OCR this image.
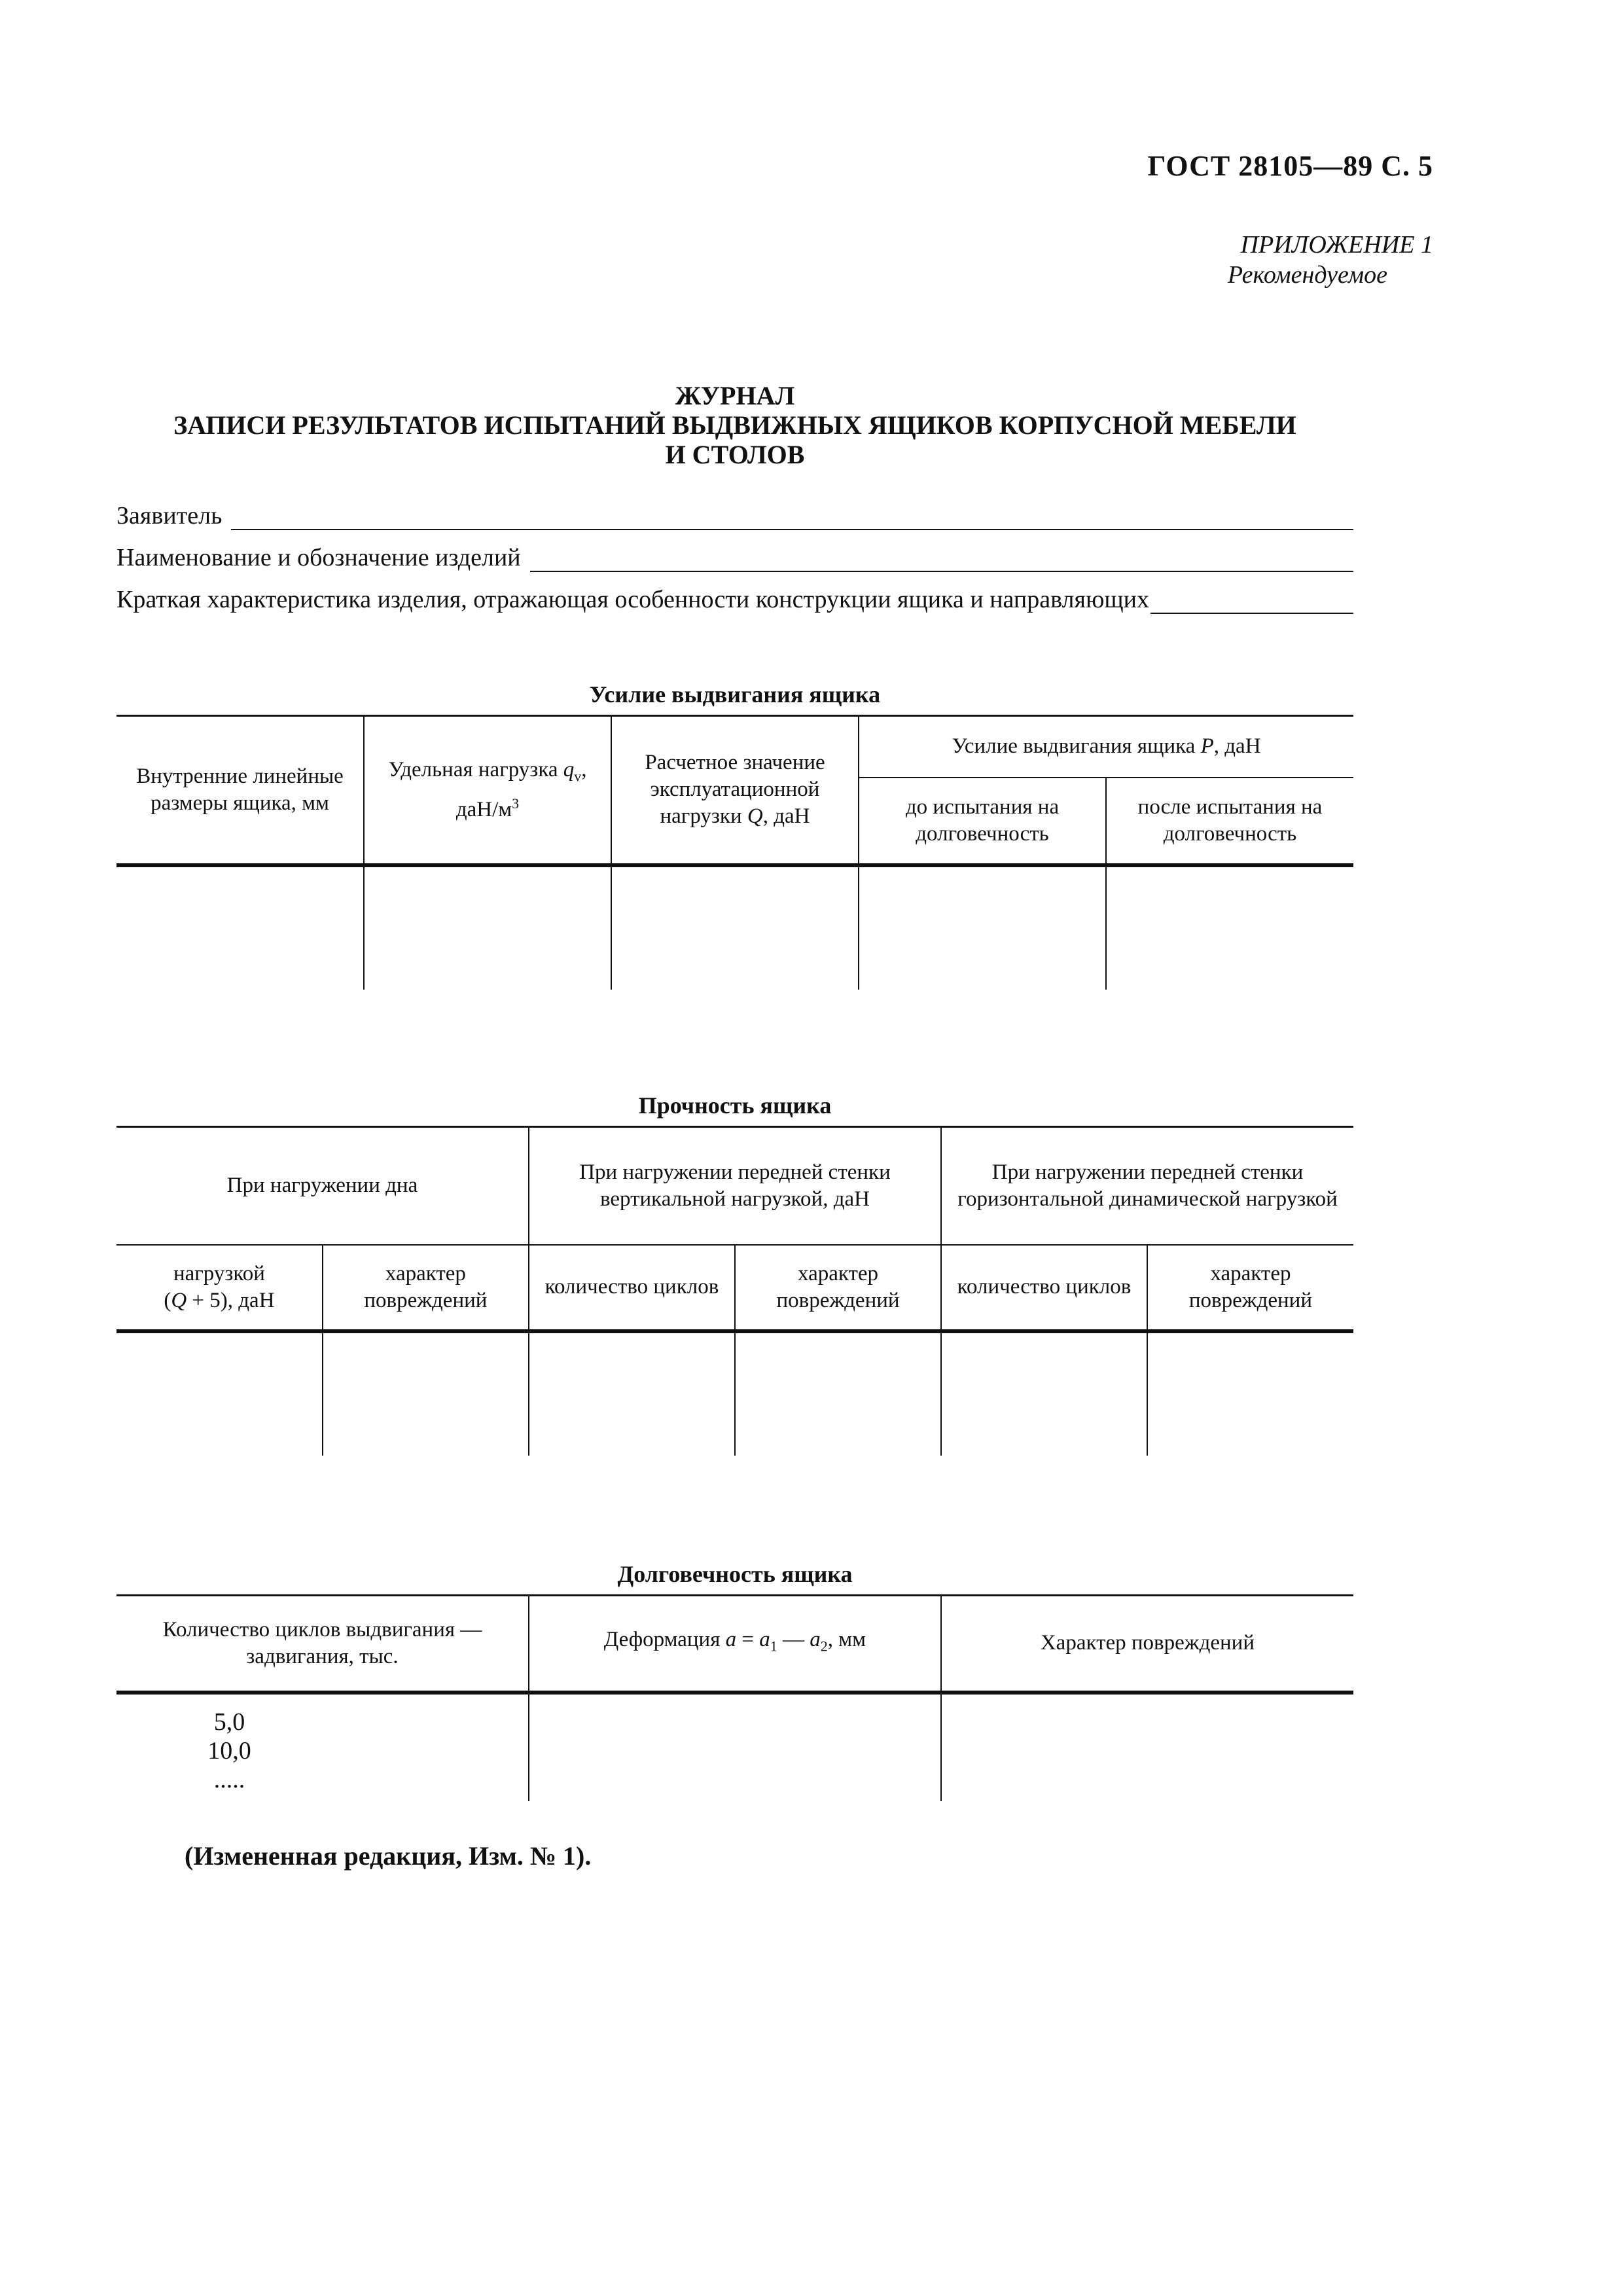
ГОСТ 28105—89 С. 5
ПРИЛОЖЕНИЕ 1
Рекомендуемое
ЖУРНАЛ
ЗАПИСИ РЕЗУЛЬТАТОВ ИСПЫТАНИЙ ВЫДВИЖНЫХ ЯЩИКОВ КОРПУСНОЙ МЕБЕЛИ
И СТОЛОВ
Заявитель
Наименование и обозначение изделий
Краткая характеристика изделия, отражающая особенности конструкции ящика и направляющих
Усилие выдвигания ящика
Внутренние линейные размеры ящика, мм	Удельная нагрузка $q_v$, даН/$м^3$	Расчетное значение эксплуатационной нагрузки Q, даН	Усилие выдвигания ящика P, даН	
			до испытания на долговечность	после испытания на долговечность

Прочность ящика
При нагружении дна		При нагружении передней стенки вертикальной нагрузкой, даН		При нагружении передней стенки горизонтальной динамической нагрузкой	
нагрузкой
(Q + 5), даН	характер повреждений	количество циклов	характер повреждений	количество циклов	характер повреждений

Долговечность ящика
Количество циклов выдвигания — задвигания, тыс.	Деформация $a = a_1$ — $a_2$, мм	Характер повреждений

5,0
10,0
.....		

(Измененная редакция, Изм. № 1).
